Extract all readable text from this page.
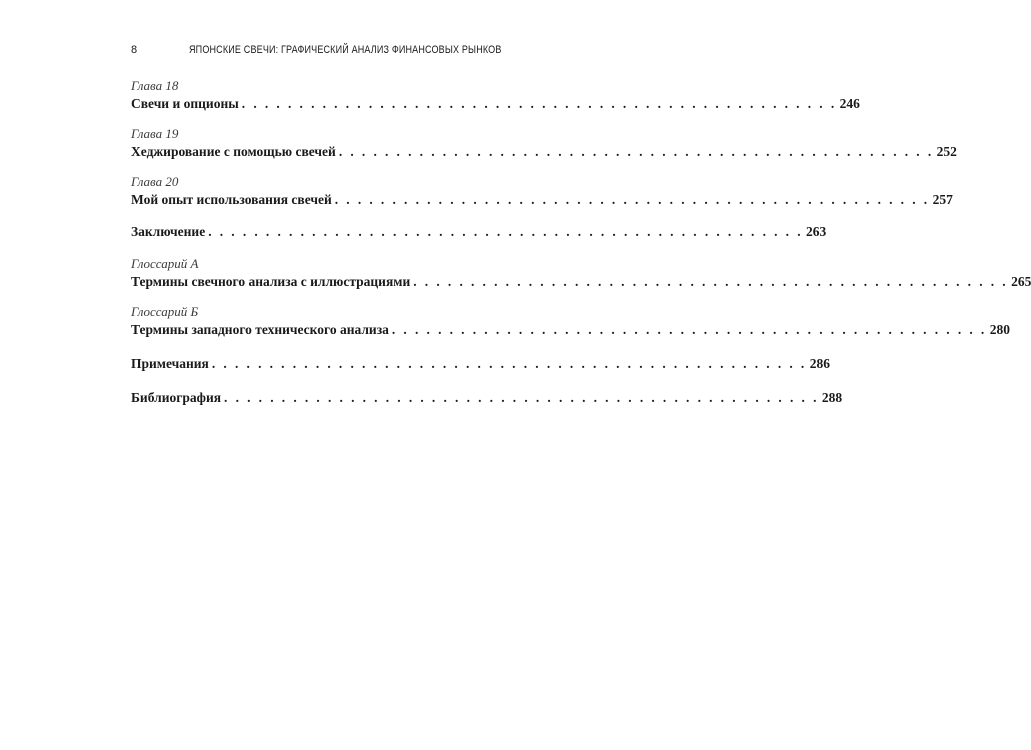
8	ЯПОНСКИЕ СВЕЧИ: ГРАФИЧЕСКИЙ АНАЛИЗ ФИНАНСОВЫХ РЫНКОВ
Глава 18
Свечи и опционы . . . . . . . . . . . . . . . . . . . . . . . . . . . . . . . . . . . . . . . . . . . . . . . . . . . . 246
Глава 19
Хеджирование с помощью свечей . . . . . . . . . . . . . . . . . . . . . . . . . . . . . . . . . . . . . . . . . . . . . . . . . . . . 252
Глава 20
Мой опыт использования свечей . . . . . . . . . . . . . . . . . . . . . . . . . . . . . . . . . . . . . . . . . . . . . . . . . . . . 257
Заключение . . . . . . . . . . . . . . . . . . . . . . . . . . . . . . . . . . . . . . . . . . . . . . . . . . . . 263
Глоссарий А
Термины свечного анализа с иллюстрациями . . . . . . . . . . . . . . . . . . . . . . . . . . . . . . . . . . . . . . . . . . . . . . . . . . . . 265
Глоссарий Б
Термины западного технического анализа . . . . . . . . . . . . . . . . . . . . . . . . . . . . . . . . . . . . . . . . . . . . . . . . . . . . 280
Примечания . . . . . . . . . . . . . . . . . . . . . . . . . . . . . . . . . . . . . . . . . . . . . . . . . . . . 286
Библиография . . . . . . . . . . . . . . . . . . . . . . . . . . . . . . . . . . . . . . . . . . . . . . . . . . . . 288
